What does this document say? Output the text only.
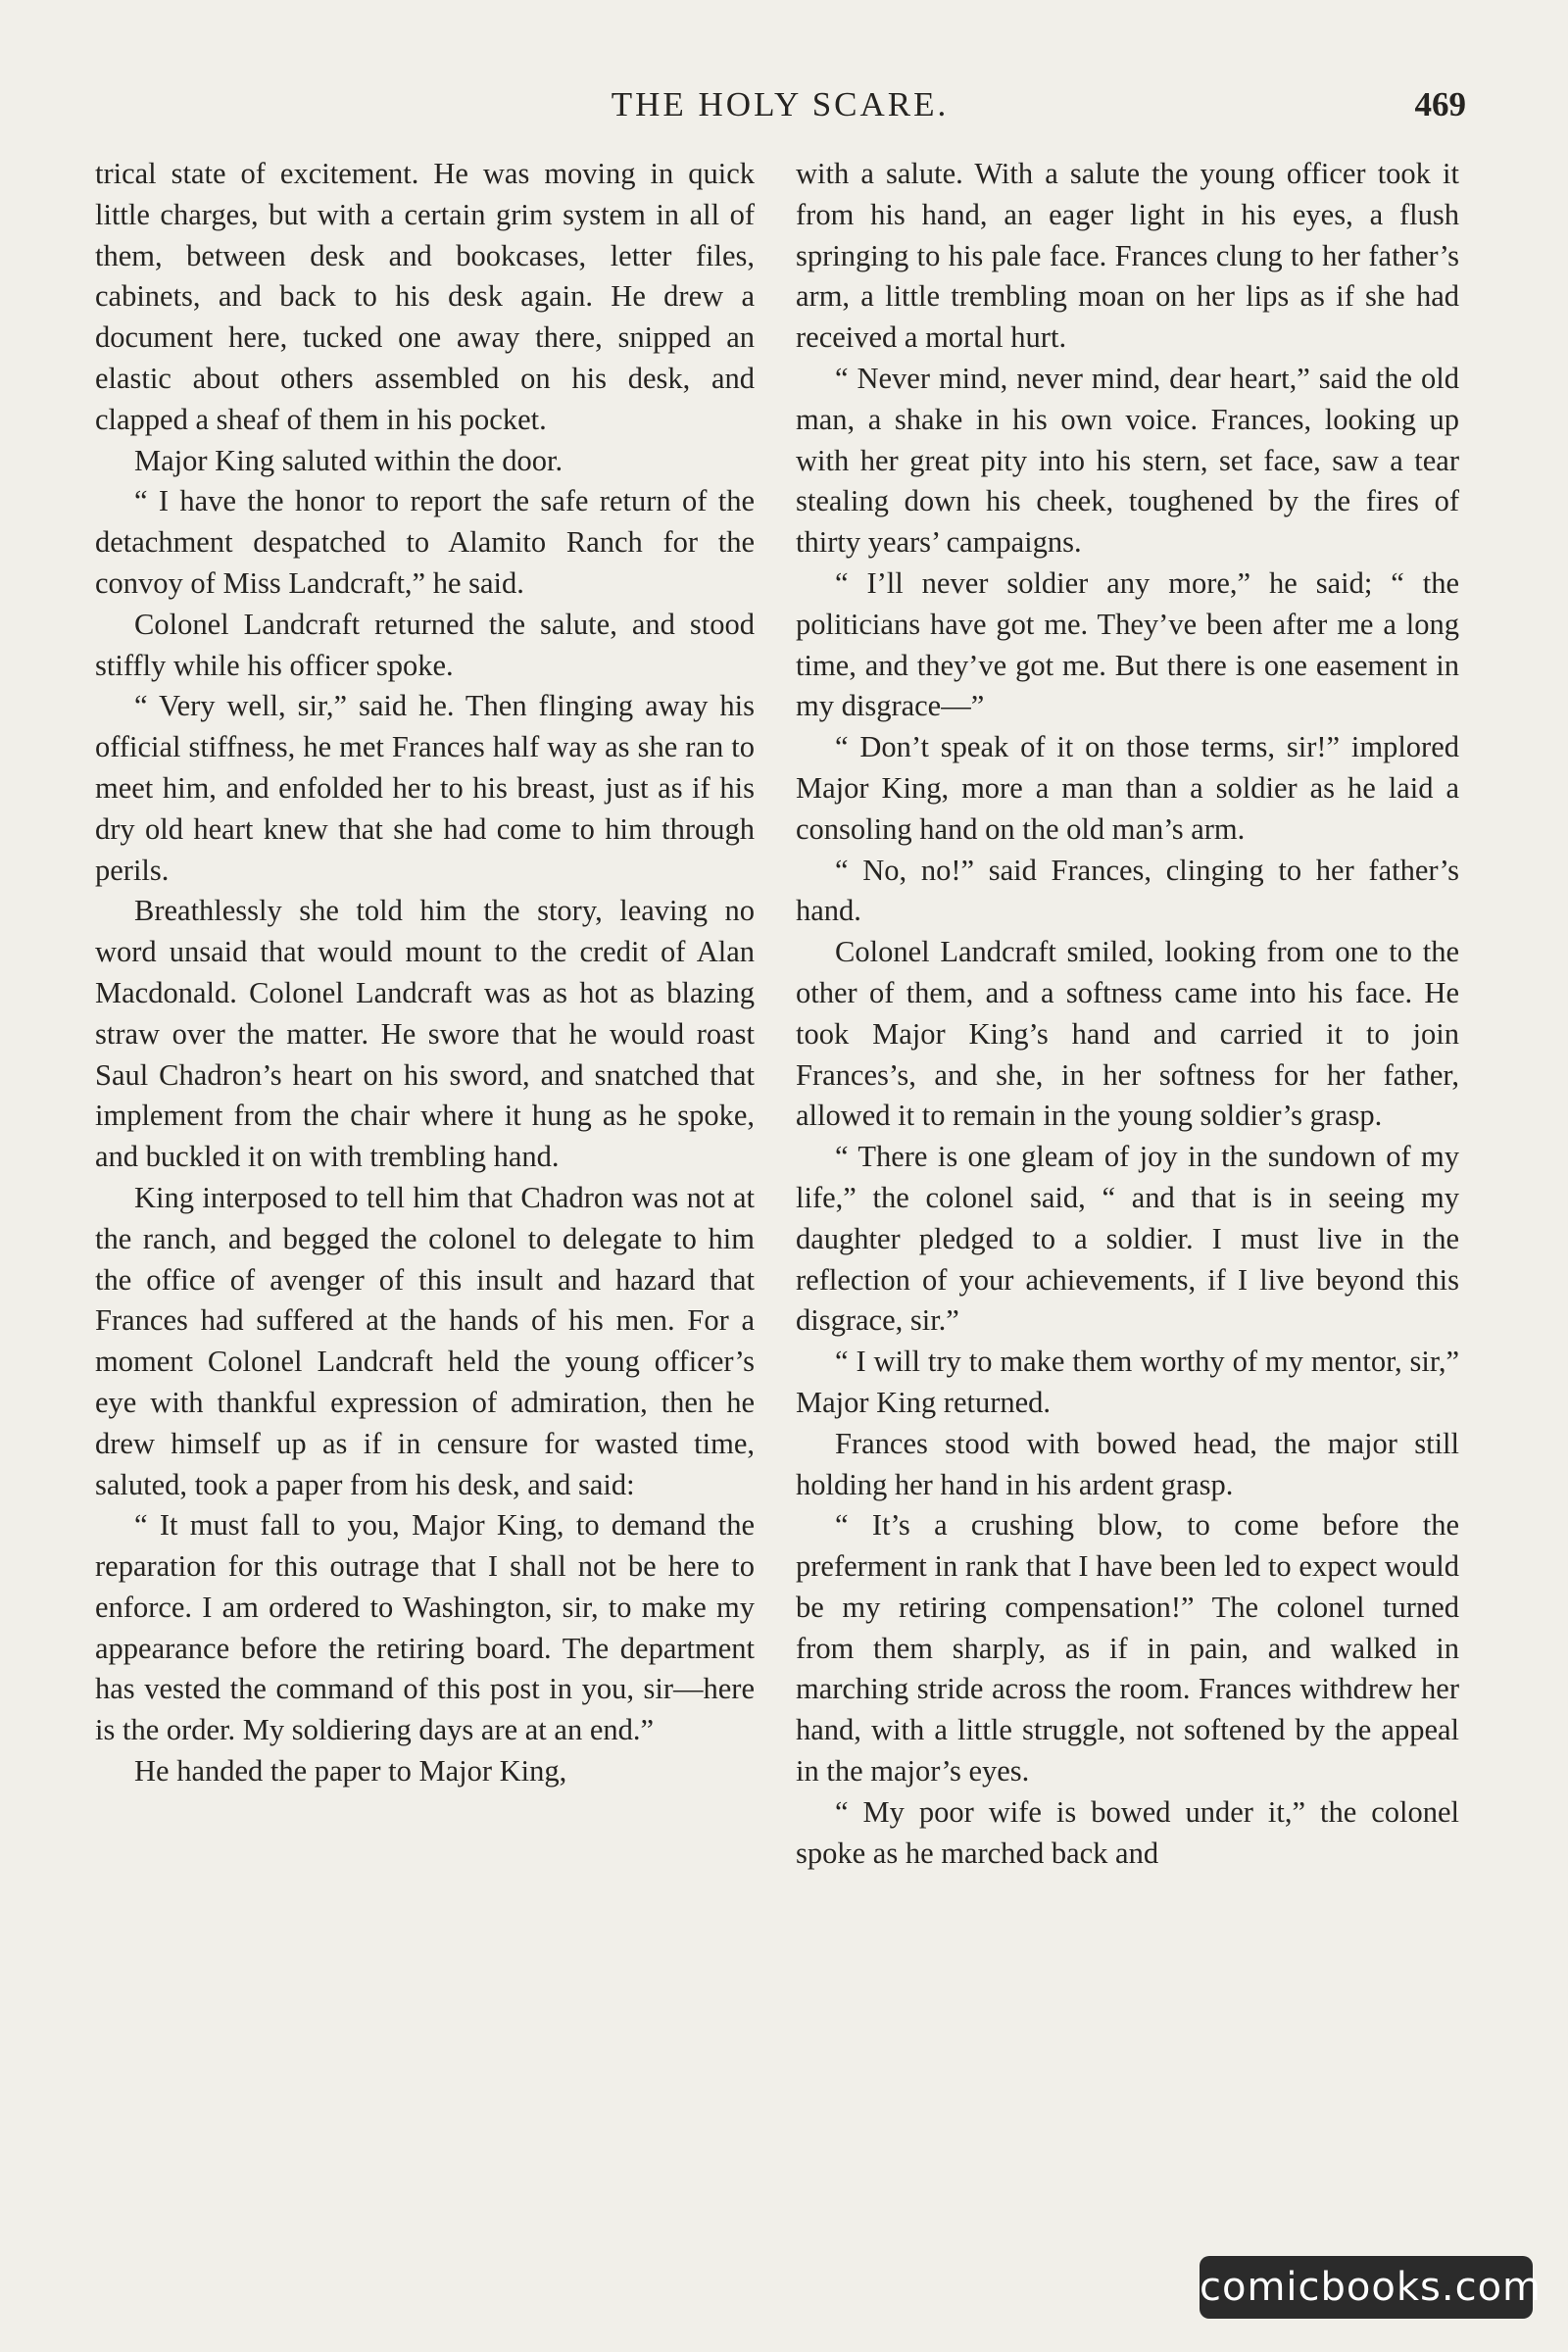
THE HOLY SCARE.	469

trical state of excitement. He was moving in quick little charges, but with a certain grim system in all of them, between desk and bookcases, letter files, cabinets, and back to his desk again. He drew a document here, tucked one away there, snipped an elastic about others assembled on his desk, and clapped a sheaf of them in his pocket.

Major King saluted within the door.

“ I have the honor to report the safe return of the detachment despatched to Alamito Ranch for the convoy of Miss Landcraft,” he said.

Colonel Landcraft returned the salute, and stood stiffly while his officer spoke.

“ Very well, sir,” said he. Then flinging away his official stiffness, he met Frances half way as she ran to meet him, and enfolded her to his breast, just as if his dry old heart knew that she had come to him through perils.

Breathlessly she told him the story, leaving no word unsaid that would mount to the credit of Alan Macdonald. Colonel Landcraft was as hot as blazing straw over the matter. He swore that he would roast Saul Chadron’s heart on his sword, and snatched that implement from the chair where it hung as he spoke, and buckled it on with trembling hand.

King interposed to tell him that Chadron was not at the ranch, and begged the colonel to delegate to him the office of avenger of this insult and hazard that Frances had suffered at the hands of his men. For a moment Colonel Landcraft held the young officer’s eye with thankful expression of admiration, then he drew himself up as if in censure for wasted time, saluted, took a paper from his desk, and said:

“ It must fall to you, Major King, to demand the reparation for this outrage that I shall not be here to enforce. I am ordered to Washington, sir, to make my appearance before the retiring board. The department has vested the command of this post in you, sir—here is the order. My soldiering days are at an end.”

He handed the paper to Major King,

with a salute. With a salute the young officer took it from his hand, an eager light in his eyes, a flush springing to his pale face. Frances clung to her father’s arm, a little trembling moan on her lips as if she had received a mortal hurt.

“ Never mind, never mind, dear heart,” said the old man, a shake in his own voice. Frances, looking up with her great pity into his stern, set face, saw a tear stealing down his cheek, toughened by the fires of thirty years’ campaigns.

“ I’ll never soldier any more,” he said; “ the politicians have got me. They’ve been after me a long time, and they’ve got me. But there is one easement in my disgrace—”

“ Don’t speak of it on those terms, sir!” implored Major King, more a man than a soldier as he laid a consoling hand on the old man’s arm.

“ No, no!” said Frances, clinging to her father’s hand.

Colonel Landcraft smiled, looking from one to the other of them, and a softness came into his face. He took Major King’s hand and carried it to join Frances’s, and she, in her softness for her father, allowed it to remain in the young soldier’s grasp.

“ There is one gleam of joy in the sundown of my life,” the colonel said, “ and that is in seeing my daughter pledged to a soldier. I must live in the reflection of your achievements, if I live beyond this disgrace, sir.”

“ I will try to make them worthy of my mentor, sir,” Major King returned.

Frances stood with bowed head, the major still holding her hand in his ardent grasp.

“ It’s a crushing blow, to come before the preferment in rank that I have been led to expect would be my retiring compensation!” The colonel turned from them sharply, as if in pain, and walked in marching stride across the room. Frances withdrew her hand, with a little struggle, not softened by the appeal in the major’s eyes.

“ My poor wife is bowed under it,” the colonel spoke as he marched back and

comicbooks.com
